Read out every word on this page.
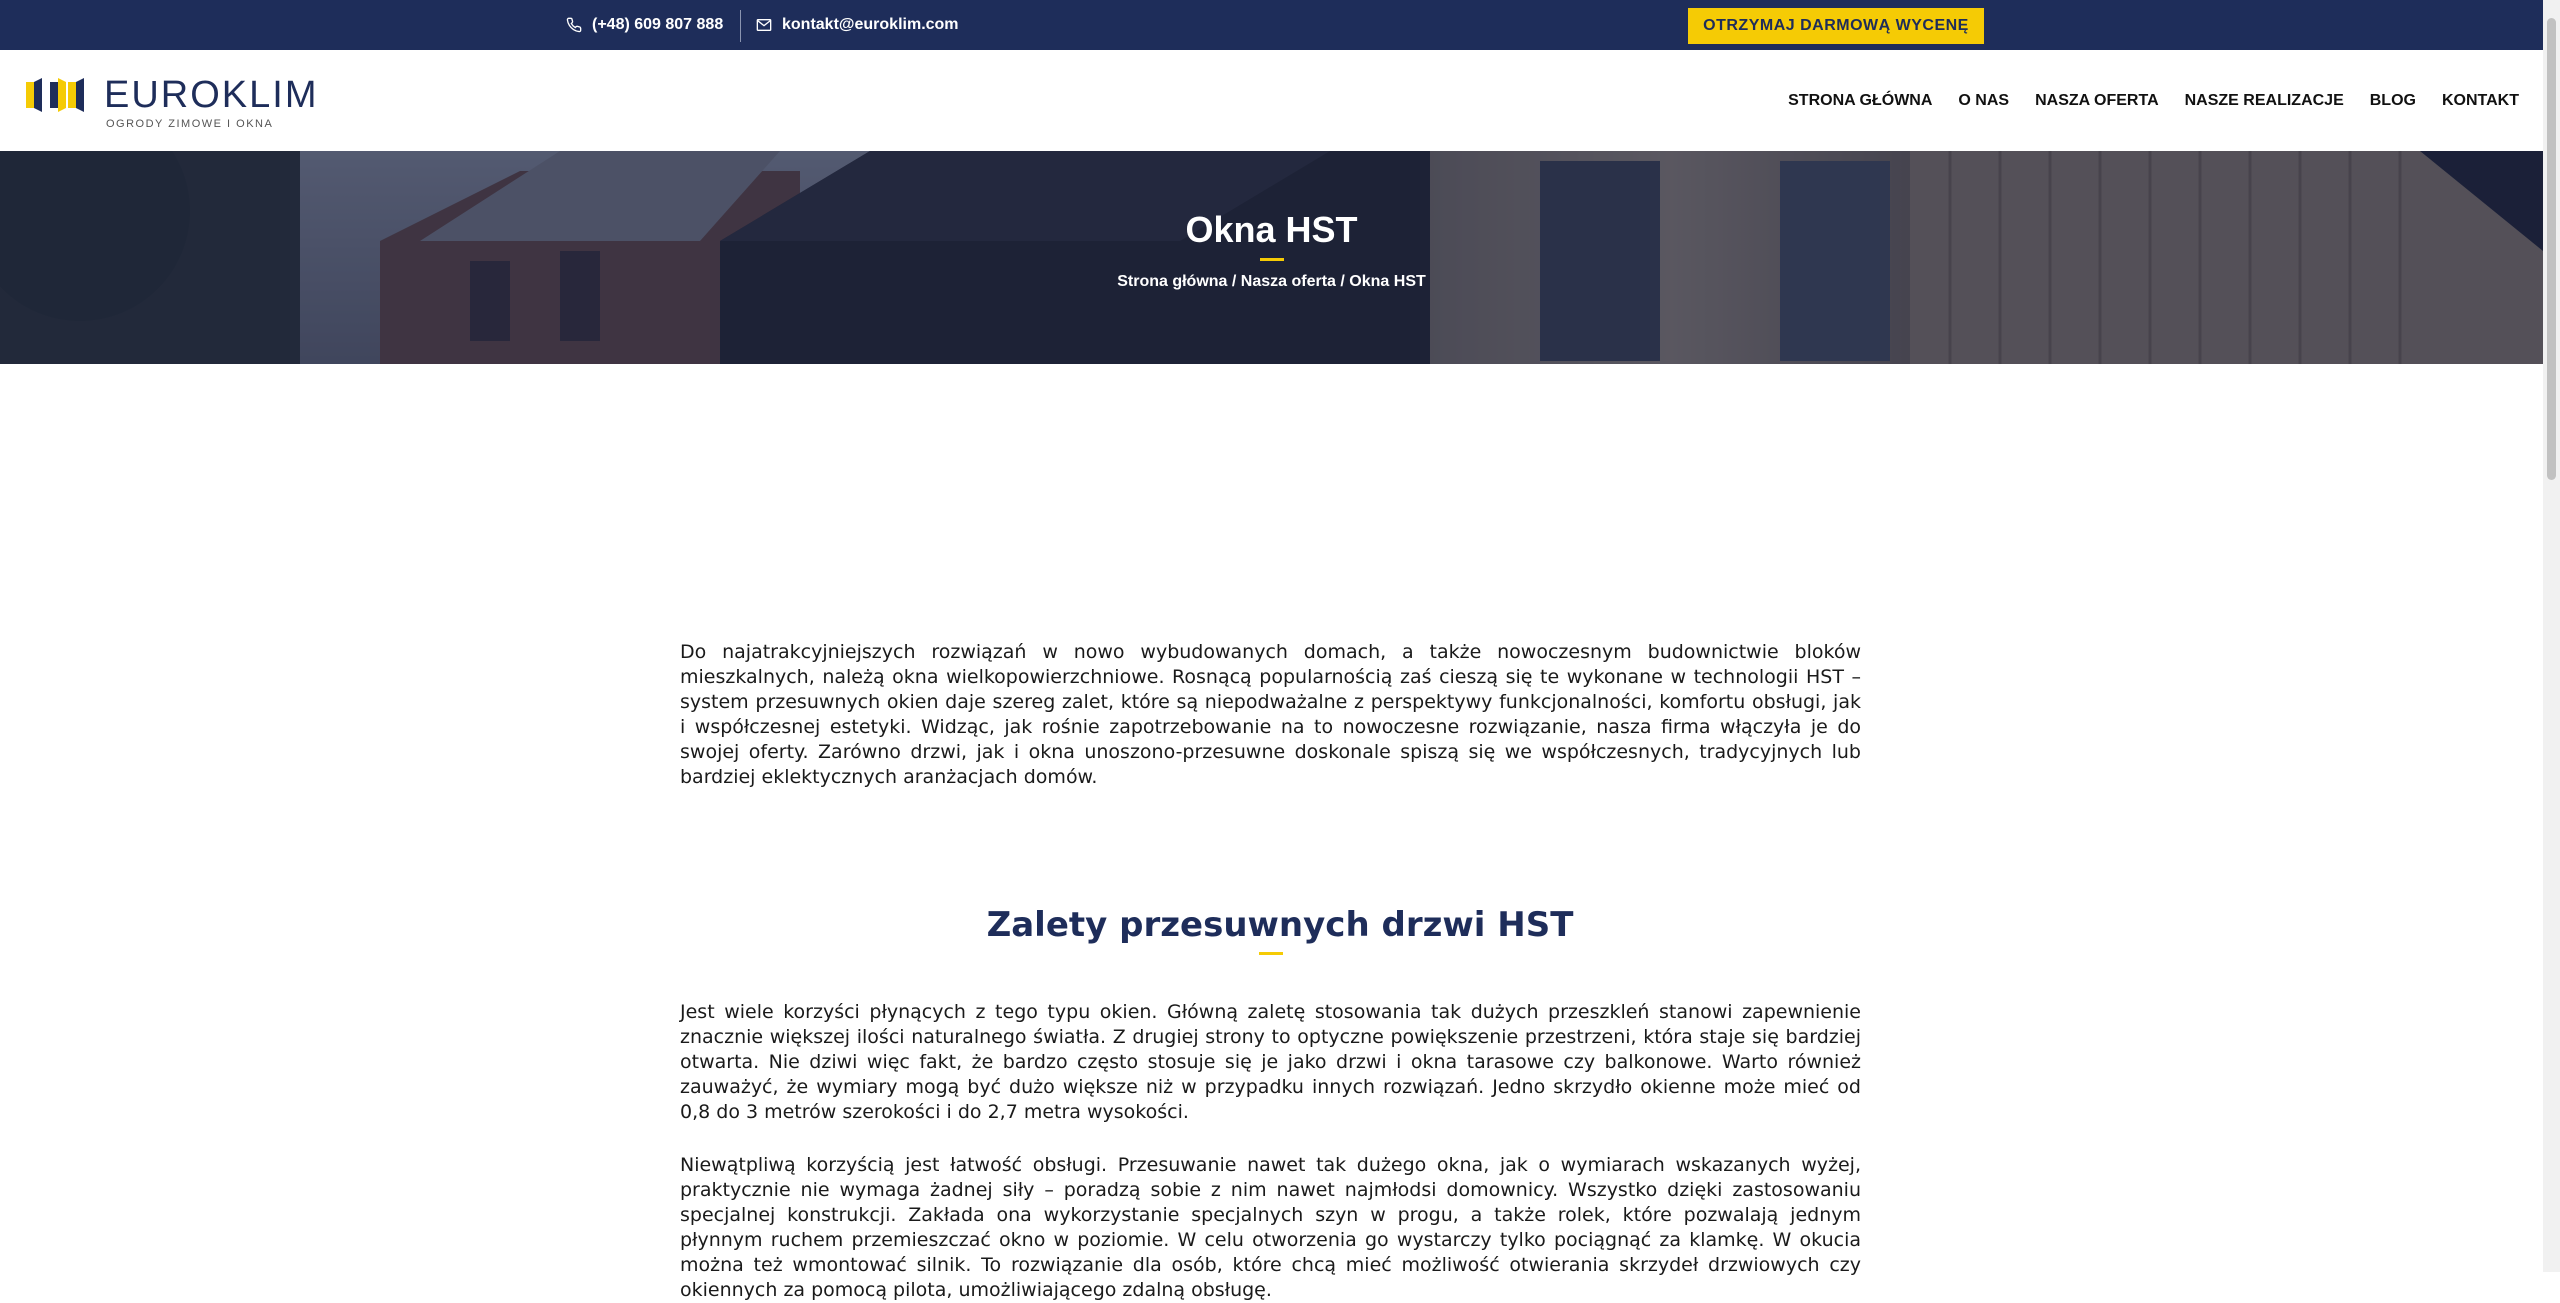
(+48) 609 807 888	kontakt@euroklim.com	OTRZYMAJ DARMOWĄ WYCENĘ
EUROKLIM
OGRODY ZIMOWE I OKNA
STRONA GŁÓWNA O NAS NASZA OFERTA NASZE REALIZACJE BLOG KONTAKT
Okna HST
Strona główna / Nasza oferta / Okna HST

Do najatrakcyjniejszych rozwiązań w nowo wybudowanych domach, a także nowoczesnym budownictwie bloków mieszkalnych, należą okna wielkopowierzchniowe. Rosnącą popularnością zaś cieszą się te wykonane w technologii HST – system przesuwnych okien daje szereg zalet, które są niepodważalne z perspektywy funkcjonalności, komfortu obsługi, jak i współczesnej estetyki. Widząc, jak rośnie zapotrzebowanie na to nowoczesne rozwiązanie, nasza firma włączyła je do swojej oferty. Zarówno drzwi, jak i okna unoszono-przesuwne doskonale spiszą się we współczesnych, tradycyjnych lub bardziej eklektycznych aranżacjach domów.

Zalety przesuwnych drzwi HST

Jest wiele korzyści płynących z tego typu okien. Główną zaletę stosowania tak dużych przeszkleń stanowi zapewnienie znacznie większej ilości naturalnego światła. Z drugiej strony to optyczne powiększenie przestrzeni, która staje się bardziej otwarta. Nie dziwi więc fakt, że bardzo często stosuje się je jako drzwi i okna tarasowe czy balkonowe. Warto również zauważyć, że wymiary mogą być dużo większe niż w przypadku innych rozwiązań. Jedno skrzydło okienne może mieć od 0,8 do 3 metrów szerokości i do 2,7 metra wysokości.

Niewątpliwą korzyścią jest łatwość obsługi. Przesuwanie nawet tak dużego okna, jak o wymiarach wskazanych wyżej, praktycznie nie wymaga żadnej siły – poradzą sobie z nim nawet najmłodsi domownicy. Wszystko dzięki zastosowaniu specjalnej konstrukcji. Zakłada ona wykorzystanie specjalnych szyn w progu, a także rolek, które pozwalają jednym płynnym ruchem przemieszczać okno w poziomie. W celu otworzenia go wystarczy tylko pociągnąć za klamkę. W okucia można też wmontować silnik. To rozwiązanie dla osób, które chcą mieć możliwość otwierania skrzydeł drzwiowych czy okiennych za pomocą pilota, umożliwiającego zdalną obsługę.
